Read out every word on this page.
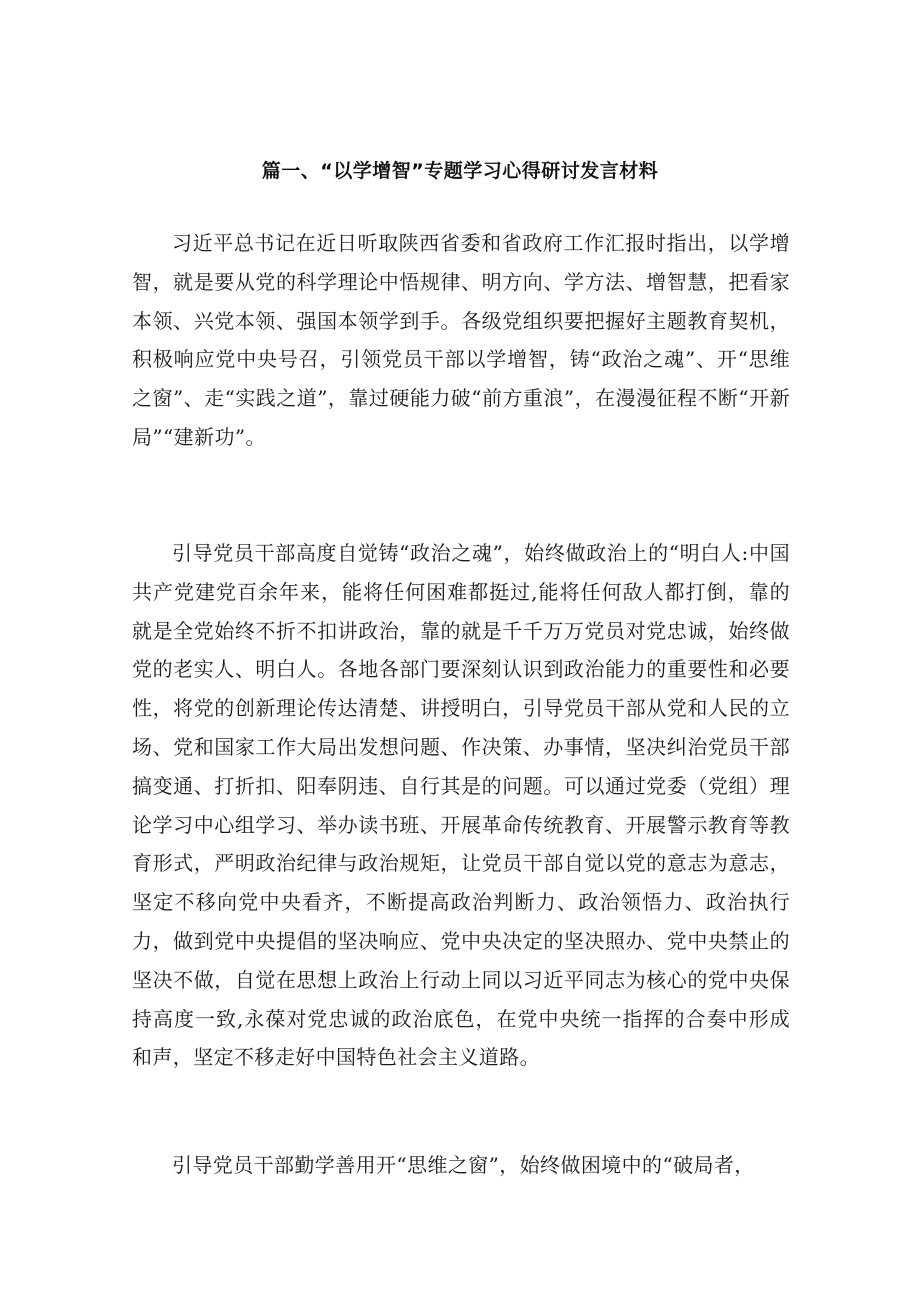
篇一、“以学增智”专题学习心得研讨发言材料

习近平总书记在近日听取陕西省委和省政府工作汇报时指出，以学增智，就是要从党的科学理论中悟规律、明方向、学方法、增智慧，把看家本领、兴党本领、强国本领学到手。各级党组织要把握好主题教育契机，积极响应党中央号召，引领党员干部以学增智，铸“政治之魂”、开“思维之窗”、走“实践之道”，靠过硬能力破“前方重浪”，在漫漫征程不断“开新局”“建新功”。

引导党员干部高度自觉铸“政治之魂”，始终做政治上的“明白人:中国共产党建党百余年来，能将任何困难都挺过,能将任何敌人都打倒，靠的就是全党始终不折不扣讲政治，靠的就是千千万万党员对党忠诚，始终做党的老实人、明白人。各地各部门要深刻认识到政治能力的重要性和必要性，将党的创新理论传达清楚、讲授明白，引导党员干部从党和人民的立场、党和国家工作大局出发想问题、作决策、办事情，坚决纠治党员干部搞变通、打折扣、阳奉阴违、自行其是的问题。可以通过党委（党组）理论学习中心组学习、举办读书班、开展革命传统教育、开展警示教育等教育形式，严明政治纪律与政治规矩，让党员干部自觉以党的意志为意志，坚定不移向党中央看齐，不断提高政治判断力、政治领悟力、政治执行力，做到党中央提倡的坚决响应、党中央决定的坚决照办、党中央禁止的坚决不做，自觉在思想上政治上行动上同以习近平同志为核心的党中央保持高度一致,永葆对党忠诚的政治底色，在党中央统一指挥的合奏中形成和声，坚定不移走好中国特色社会主义道路。

引导党员干部勤学善用开“思维之窗”，始终做困境中的“破局者，
